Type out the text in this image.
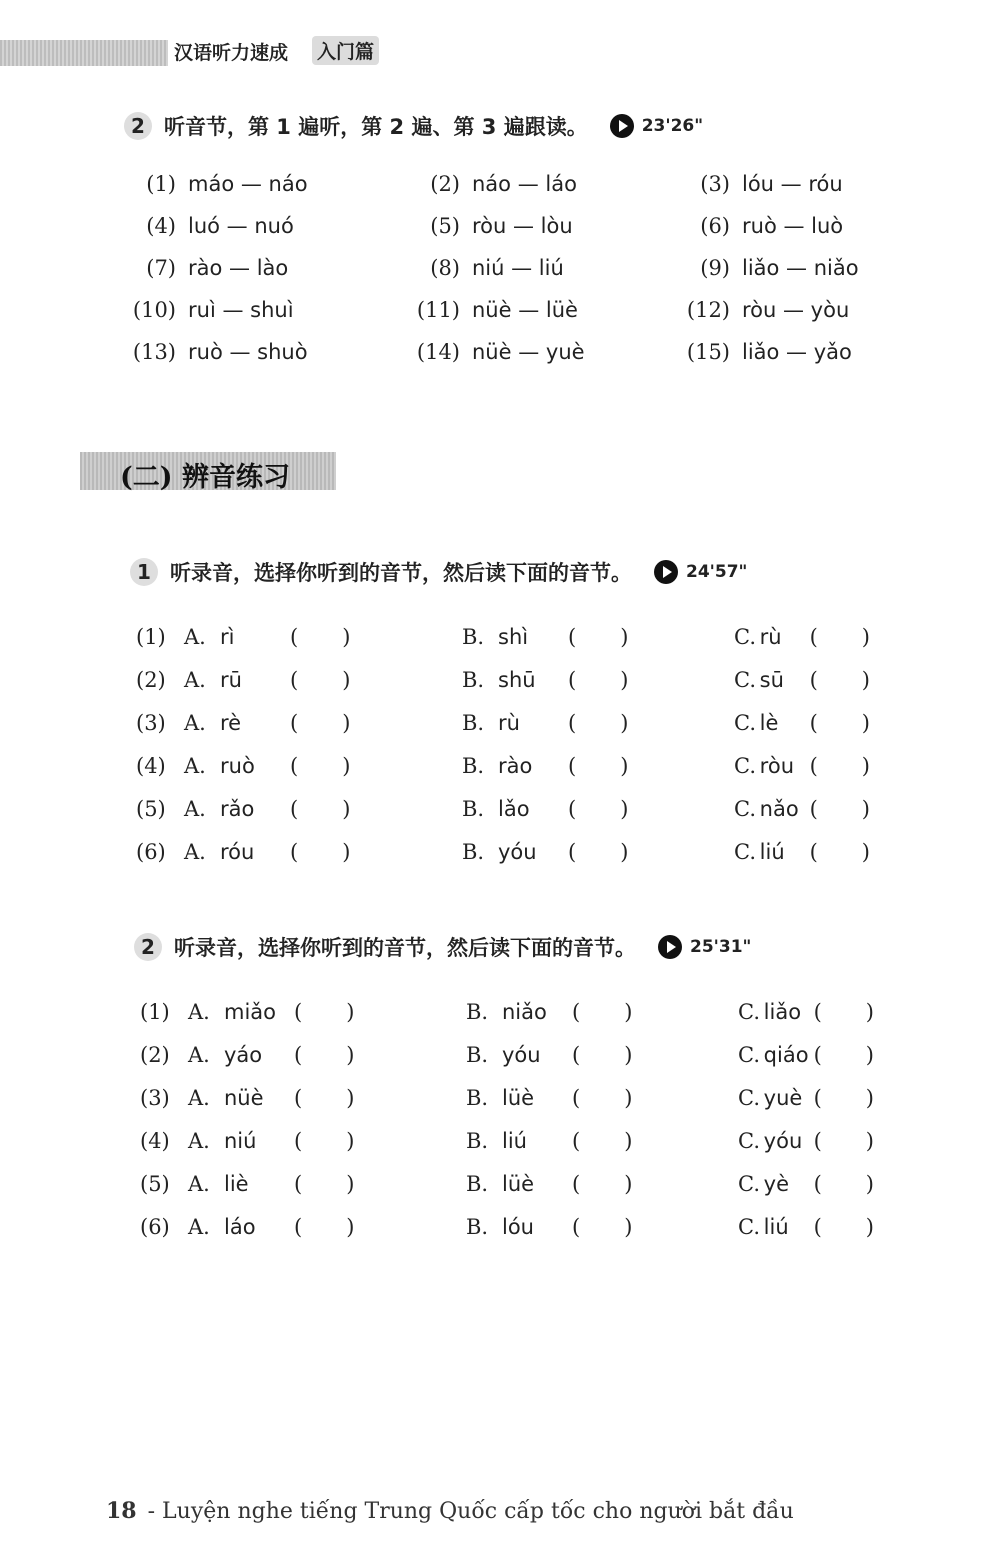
汉语听力速成 入门篇
2 听音节，第 1 遍听，第 2 遍、第 3 遍跟读。	23'26"
(1) máo — náo	(2) náo — láo	(3) lóu — róu
(4) luó — nuó	(5) ròu — lòu	(6) ruò — luò
(7) rào — lào	(8) niú — liú	(9) liǎo — niǎo
(10) ruì — shuì	(11) nüè — lüè	(12) ròu — yòu
(13) ruò — shuò	(14) nüè — yuè	(15) liǎo — yǎo
(二) 辨音练习
1 听录音，选择你听到的音节，然后读下面的音节。	24'57"
(1) A. rì	()	B. shì	()	C. rù	()
(2) A. rū	()	B. shū	()	C. sū	()
(3) A. rè	()	B. rù	()	C. lè	()
(4) A. ruò	()	B. rào	()	C. ròu ()
(5) A. rǎo	()	B. lǎo	()	C. nǎo ()
(6) A. róu	()	B. yóu	()	C. liú	()
2 听录音，选择你听到的音节，然后读下面的音节。	25'31"
(1) A. miǎo ()	B. niǎo	()	C. liǎo ()
(2) A. yáo	()	B. yóu	()	C. qiáo ()
(3) A. nüè	()	B. lüè	()	C. yuè ()
(4) A. niú	()	B. liú	()	C. yóu ()
(5) A. liè	()	B. lüè	()	C. yè	()
(6) A. láo	()	B. lóu	()	C. liú	()
18 - Luyện nghe tiếng Trung Quốc cấp tốc cho người bắt đầu
